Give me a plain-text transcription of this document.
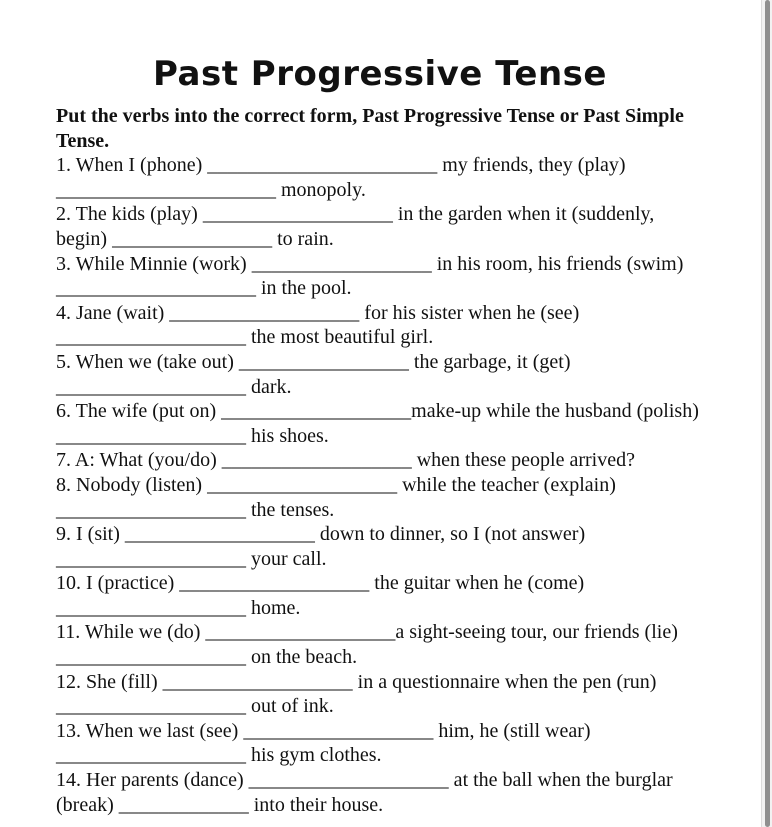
Past Progressive Tense

Put the verbs into the correct form, Past Progressive Tense or Past Simple Tense.

1. When I (phone) _______________________ my friends, they (play) ______________________ monopoly.

2. The kids (play) ___________________ in the garden when it (suddenly, begin) ________________ to rain.

3. While Minnie (work) __________________ in his room, his friends (swim) ____________________ in the pool.

4. Jane (wait) ___________________ for his sister when he (see) ___________________ the most beautiful girl.

5. When we (take out) _________________ the garbage, it (get) ___________________ dark.

6. The wife (put on) ___________________make-up while the husband (polish) ___________________ his shoes.

7. A: What (you/do) ___________________ when these people arrived?

8. Nobody (listen) ___________________ while the teacher (explain) ___________________ the tenses.

9. I (sit) ___________________ down to dinner, so I (not answer) ___________________ your call.

10. I (practice) ___________________ the guitar when he (come) ___________________ home.

11. While we (do) ___________________a sight-seeing tour, our friends (lie) ___________________ on the beach.

12. She (fill) ___________________ in a questionnaire when the pen (run) ___________________ out of ink.

13. When we last (see) ___________________ him, he (still wear) ___________________ his gym clothes.

14. Her parents (dance) ____________________ at the ball when the burglar (break) _____________ into their house.
